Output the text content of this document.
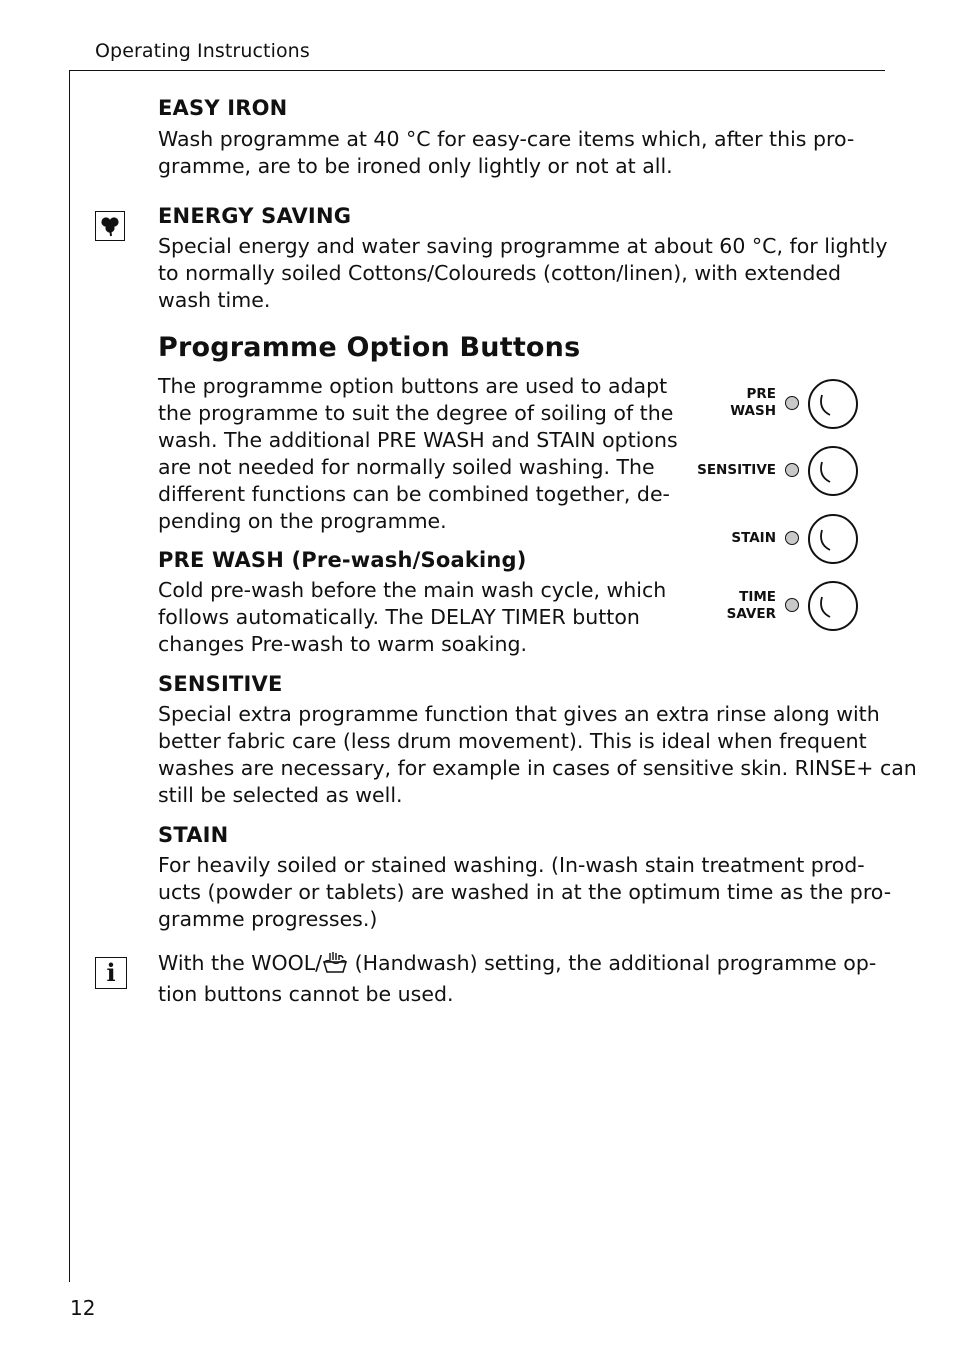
Operating Instructions
EASY IRON
Wash programme at 40 °C for easy-care items which, after this pro-
gramme, are to be ironed only lightly or not at all.
ENERGY SAVING
Special energy and water saving programme at about 60 °C, for lightly
to normally soiled Cottons/Coloureds (cotton/linen), with extended
wash time.
Programme Option Buttons
The programme option buttons are used to adapt
the programme to suit the degree of soiling of the
wash. The additional PRE WASH and STAIN options
are not needed for normally soiled washing. The
different functions can be combined together, de-
pending on the programme.
PRE WASH (Pre-wash/Soaking)
Cold pre-wash before the main wash cycle, which
follows automatically. The DELAY TIMER button
changes Pre-wash to warm soaking.
PRE
WASH
SENSITIVE
STAIN
TIME
SAVER
SENSITIVE
Special extra programme function that gives an extra rinse along with
better fabric care (less drum movement). This is ideal when frequent
washes are necessary, for example in cases of sensitive skin. RINSE+ can
still be selected as well.
STAIN
For heavily soiled or stained washing. (In-wash stain treatment prod-
ucts (powder or tablets) are washed in at the optimum time as the pro-
gramme progresses.)
i With the WOOL/ (Handwash) setting, the additional programme op-
tion buttons cannot be used.
12
